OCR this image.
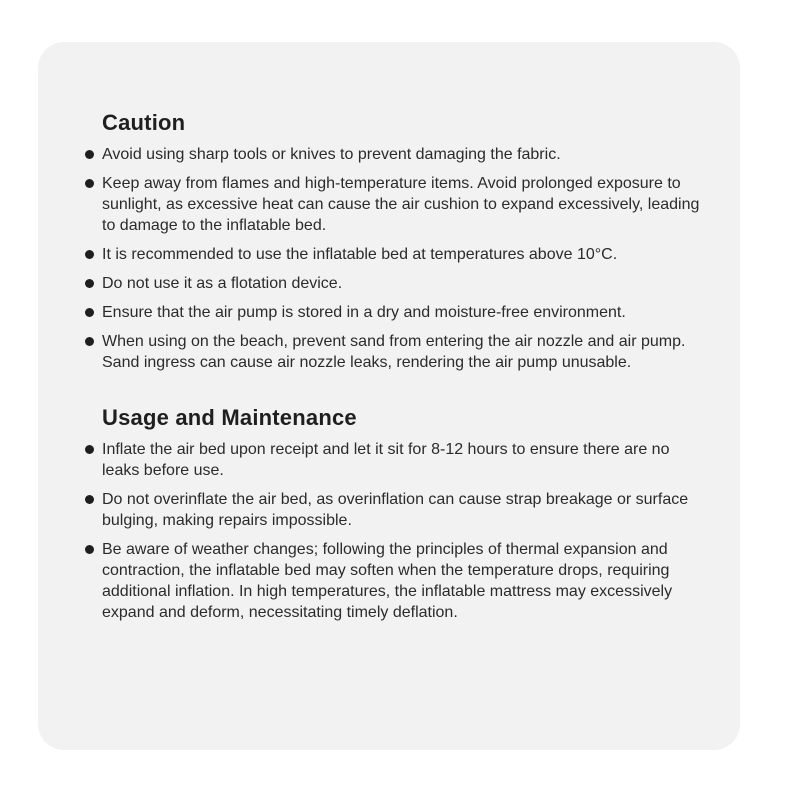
Caution
Avoid using sharp tools or knives to prevent damaging the fabric.
Keep away from flames and high-temperature items. Avoid prolonged exposure to sunlight, as excessive heat can cause the air cushion to expand excessively, leading to damage to the inflatable bed.
It is recommended to use the inflatable bed at temperatures above 10°C.
Do not use it as a flotation device.
Ensure that the air pump is stored in a dry and moisture-free environment.
When using on the beach, prevent sand from entering the air nozzle and air pump. Sand ingress can cause air nozzle leaks, rendering the air pump unusable.
Usage and Maintenance
Inflate the air bed upon receipt and let it sit for 8-12 hours to ensure there are no leaks before use.
Do not overinflate the air bed, as overinflation can cause strap breakage or surface bulging, making repairs impossible.
Be aware of weather changes; following the principles of thermal expansion and contraction, the inflatable bed may soften when the temperature drops, requiring additional inflation. In high temperatures, the inflatable mattress may excessively expand and deform, necessitating timely deflation.
